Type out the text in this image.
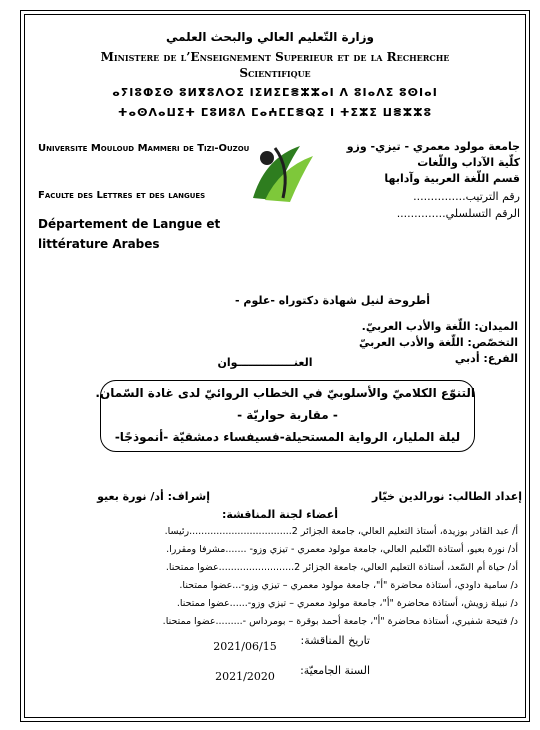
وزارة التّعليم العالي والبحث العلمي
Ministere de l’Enseignement Superieur et de la Recherche
Scientifique
ⴰⵢⵏⵓⵀⵉⵙ ⵓⵍⴳⵓⴷⵔⵉ ⵏⵉⵍⵉⵎⴻⵣⵣⴰⵏ ⴷ ⵓⵏⴰⴷⵉ ⵓⵙⵏⴰⵏ
ⵜⴰⵙⴷⴰⵡⵉⵜ ⵎⵓⵍⵓⴷ ⵎⴰⵄⵎⵎⴻⵕⵉ ⵏ ⵜⵉⵣⵉ ⵡⴻⵣⵣⵓ
Universite Mouloud Mammeri de Tizi-Ouzou
Faculte des Lettres et des langues
Département de Langue et littérature Arabes
جامعة مولود معمري - تيزي- وزو
كلّية الآداب واللّغات
قسم اللّغة العربية وآدابها
رقم الترتيب...............
الرقم التسلسلي..............
أطروحة لنيل شهادة دكتوراه -علوم -
الميدان: اللّغة والأدب العربيّ.
التخصّص: اللّغة والأدب العربيّ
الفرع: أدبي
العنـــــــــــــــوان
التنوّع الكلاميّ والأسلوبيّ في الخطاب الروائيّ لدى غادة السّمان.
- مقاربة حواريّة -
ليلة المليار، الرواية المستحيلة-فسيفساء دمشقيّة -أنموذجًا-
إعداد الطالب: نورالدين خيّار
إشراف: أد/ نورة بعيو
أعضاء لجنة المناقشة:
أ/ عبد القادر بوزيدة، أستاذ التعليم العالي، جامعة الجزائر 2..................................رئيسا.
أد/ نورة بعيو، أستاذة التّعليم العالي، جامعة مولود معمري - تيزي وزو- .......مشرفا ومقررا.
أد/ حياة أم السّعد، أستاذة التعليم العالي، جامعة الجزائر 2.........................عضوا ممتحنا.
د/ سامية داودي، أستاذة محاضرة "أ"، جامعة مولود معمري – تيزي وزو-...عضوا ممتحنا.
د/ نبيلة زويش، أستاذة محاضرة "أ"، جامعة مولود معمري – تيزي وزو-......عضوا ممتحنا.
د/ فتيحة شفيري، أستاذة محاضرة "أ"، جامعة أحمد بوقرة – بومرداس -.........عضوا ممتحنا.
تاريخ المناقشة:
2021/06/15
السنة الجامعيّة:
2021/2020
